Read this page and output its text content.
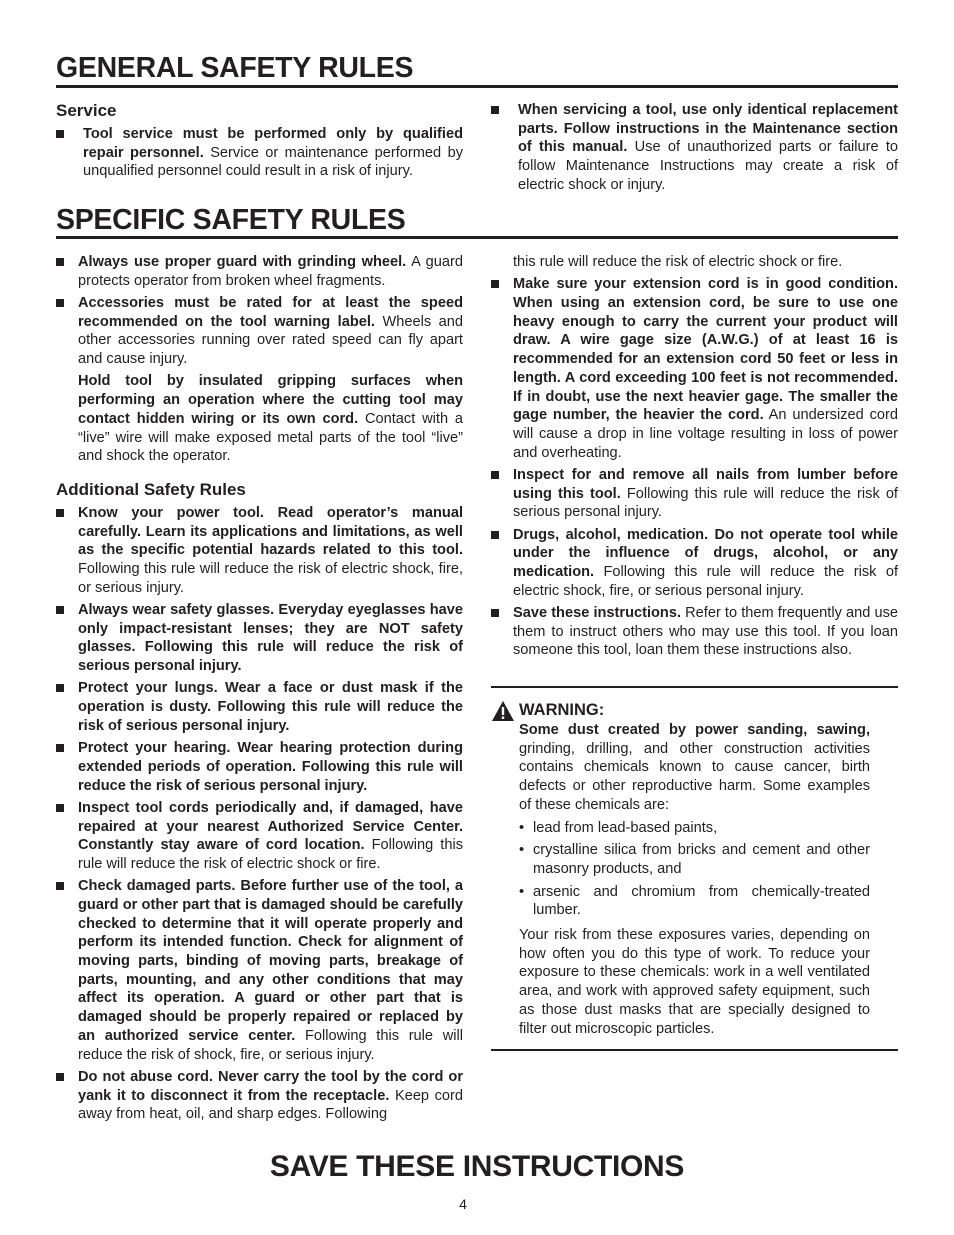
GENERAL SAFETY RULES
Service
Tool service must be performed only by qualified repair personnel. Service or maintenance performed by unqualified personnel could result in a risk of injury.
When servicing a tool, use only identical replacement parts. Follow instructions in the Maintenance section of this manual. Use of unauthorized parts or failure to follow Maintenance Instructions may create a risk of electric shock or injury.
SPECIFIC SAFETY RULES
Always use proper guard with grinding wheel. A guard protects operator from broken wheel fragments.
Accessories must be rated for at least the speed recommended on the tool warning label. Wheels and other accessories running over rated speed can fly apart and cause injury.
Hold tool by insulated gripping surfaces when performing an operation where the cutting tool may contact hidden wiring or its own cord. Contact with a “live” wire will make exposed metal parts of the tool “live” and shock the operator.
Additional Safety Rules
Know your power tool. Read operator’s manual carefully. Learn its applications and limitations, as well as the specific potential hazards related to this tool. Following this rule will reduce the risk of electric shock, fire, or serious injury.
Always wear safety glasses. Everyday eyeglasses have only impact-resistant lenses; they are NOT safety glasses. Following this rule will reduce the risk of serious personal injury.
Protect your lungs. Wear a face or dust mask if the operation is dusty. Following this rule will reduce the risk of serious personal injury.
Protect your hearing. Wear hearing protection during extended periods of operation. Following this rule will reduce the risk of serious personal injury.
Inspect tool cords periodically and, if damaged, have repaired at your nearest Authorized Service Center. Constantly stay aware of cord location. Following this rule will reduce the risk of electric shock or fire.
Check damaged parts. Before further use of the tool, a guard or other part that is damaged should be carefully checked to determine that it will operate properly and perform its intended function. Check for alignment of moving parts, binding of moving parts, breakage of parts, mounting, and any other conditions that may affect its operation. A guard or other part that is damaged should be properly repaired or replaced by an authorized service center. Following this rule will reduce the risk of shock, fire, or serious injury.
Do not abuse cord. Never carry the tool by the cord or yank it to disconnect it from the receptacle. Keep cord away from heat, oil, and sharp edges. Following
this rule will reduce the risk of electric shock or fire.
Make sure your extension cord is in good condition. When using an extension cord, be sure to use one heavy enough to carry the current your product will draw. A wire gage size (A.W.G.) of at least 16 is recommended for an extension cord 50 feet or less in length. A cord exceeding 100 feet is not recommended. If in doubt, use the next heavier gage. The smaller the gage number, the heavier the cord. An undersized cord will cause a drop in line voltage resulting in loss of power and overheating.
Inspect for and remove all nails from lumber before using this tool. Following this rule will reduce the risk of serious personal injury.
Drugs, alcohol, medication. Do not operate tool while under the influence of drugs, alcohol, or any medication. Following this rule will reduce the risk of electric shock, fire, or serious personal injury.
Save these instructions. Refer to them frequently and use them to instruct others who may use this tool. If you loan someone this tool, loan them these instructions also.
WARNING:
Some dust created by power sanding, sawing, grinding, drilling, and other construction activities contains chemicals known to cause cancer, birth defects or other reproductive harm. Some examples of these chemicals are:
• lead from lead-based paints,
• crystalline silica from bricks and cement and other masonry products, and
• arsenic and chromium from chemically-treated lumber.
Your risk from these exposures varies, depending on how often you do this type of work. To reduce your exposure to these chemicals: work in a well ventilated area, and work with approved safety equipment, such as those dust masks that are specially designed to filter out microscopic particles.
SAVE THESE INSTRUCTIONS
4
